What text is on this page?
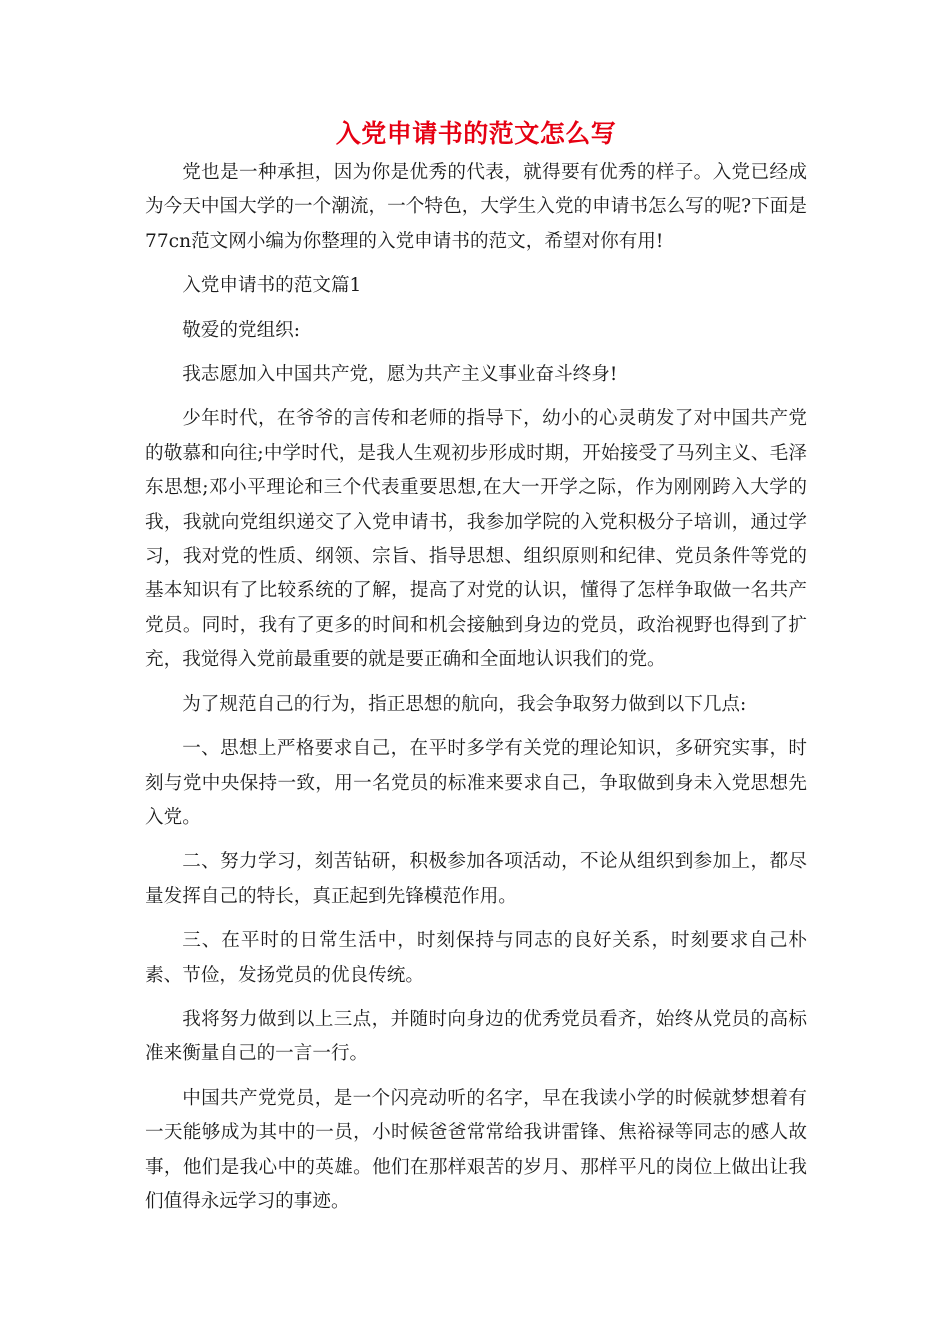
入党申请书的范文怎么写

党也是一种承担，因为你是优秀的代表，就得要有优秀的样子。入党已经成为今天中国大学的一个潮流，一个特色，大学生入党的申请书怎么写的呢?下面是77cn范文网小编为你整理的入党申请书的范文，希望对你有用!

入党申请书的范文篇1

敬爱的党组织:

我志愿加入中国共产党，愿为共产主义事业奋斗终身!

少年时代，在爷爷的言传和老师的指导下，幼小的心灵萌发了对中国共产党的敬慕和向往;中学时代，是我人生观初步形成时期，开始接受了马列主义、毛泽东思想;邓小平理论和三个代表重要思想,在大一开学之际，作为刚刚跨入大学的我，我就向党组织递交了入党申请书，我参加学院的入党积极分子培训，通过学习，我对党的性质、纲领、宗旨、指导思想、组织原则和纪律、党员条件等党的基本知识有了比较系统的了解，提高了对党的认识，懂得了怎样争取做一名共产党员。同时，我有了更多的时间和机会接触到身边的党员，政治视野也得到了扩充，我觉得入党前最重要的就是要正确和全面地认识我们的党。

为了规范自己的行为，指正思想的航向，我会争取努力做到以下几点:

一、思想上严格要求自己，在平时多学有关党的理论知识，多研究实事，时刻与党中央保持一致，用一名党员的标准来要求自己，争取做到身未入党思想先入党。

二、努力学习，刻苦钻研，积极参加各项活动，不论从组织到参加上，都尽量发挥自己的特长，真正起到先锋模范作用。

三、在平时的日常生活中，时刻保持与同志的良好关系，时刻要求自己朴素、节俭，发扬党员的优良传统。

我将努力做到以上三点，并随时向身边的优秀党员看齐，始终从党员的高标准来衡量自己的一言一行。

中国共产党党员，是一个闪亮动听的名字，早在我读小学的时候就梦想着有一天能够成为其中的一员，小时候爸爸常常给我讲雷锋、焦裕禄等同志的感人故事，他们是我心中的英雄。他们在那样艰苦的岁月、那样平凡的岗位上做出让我们值得永远学习的事迹。
